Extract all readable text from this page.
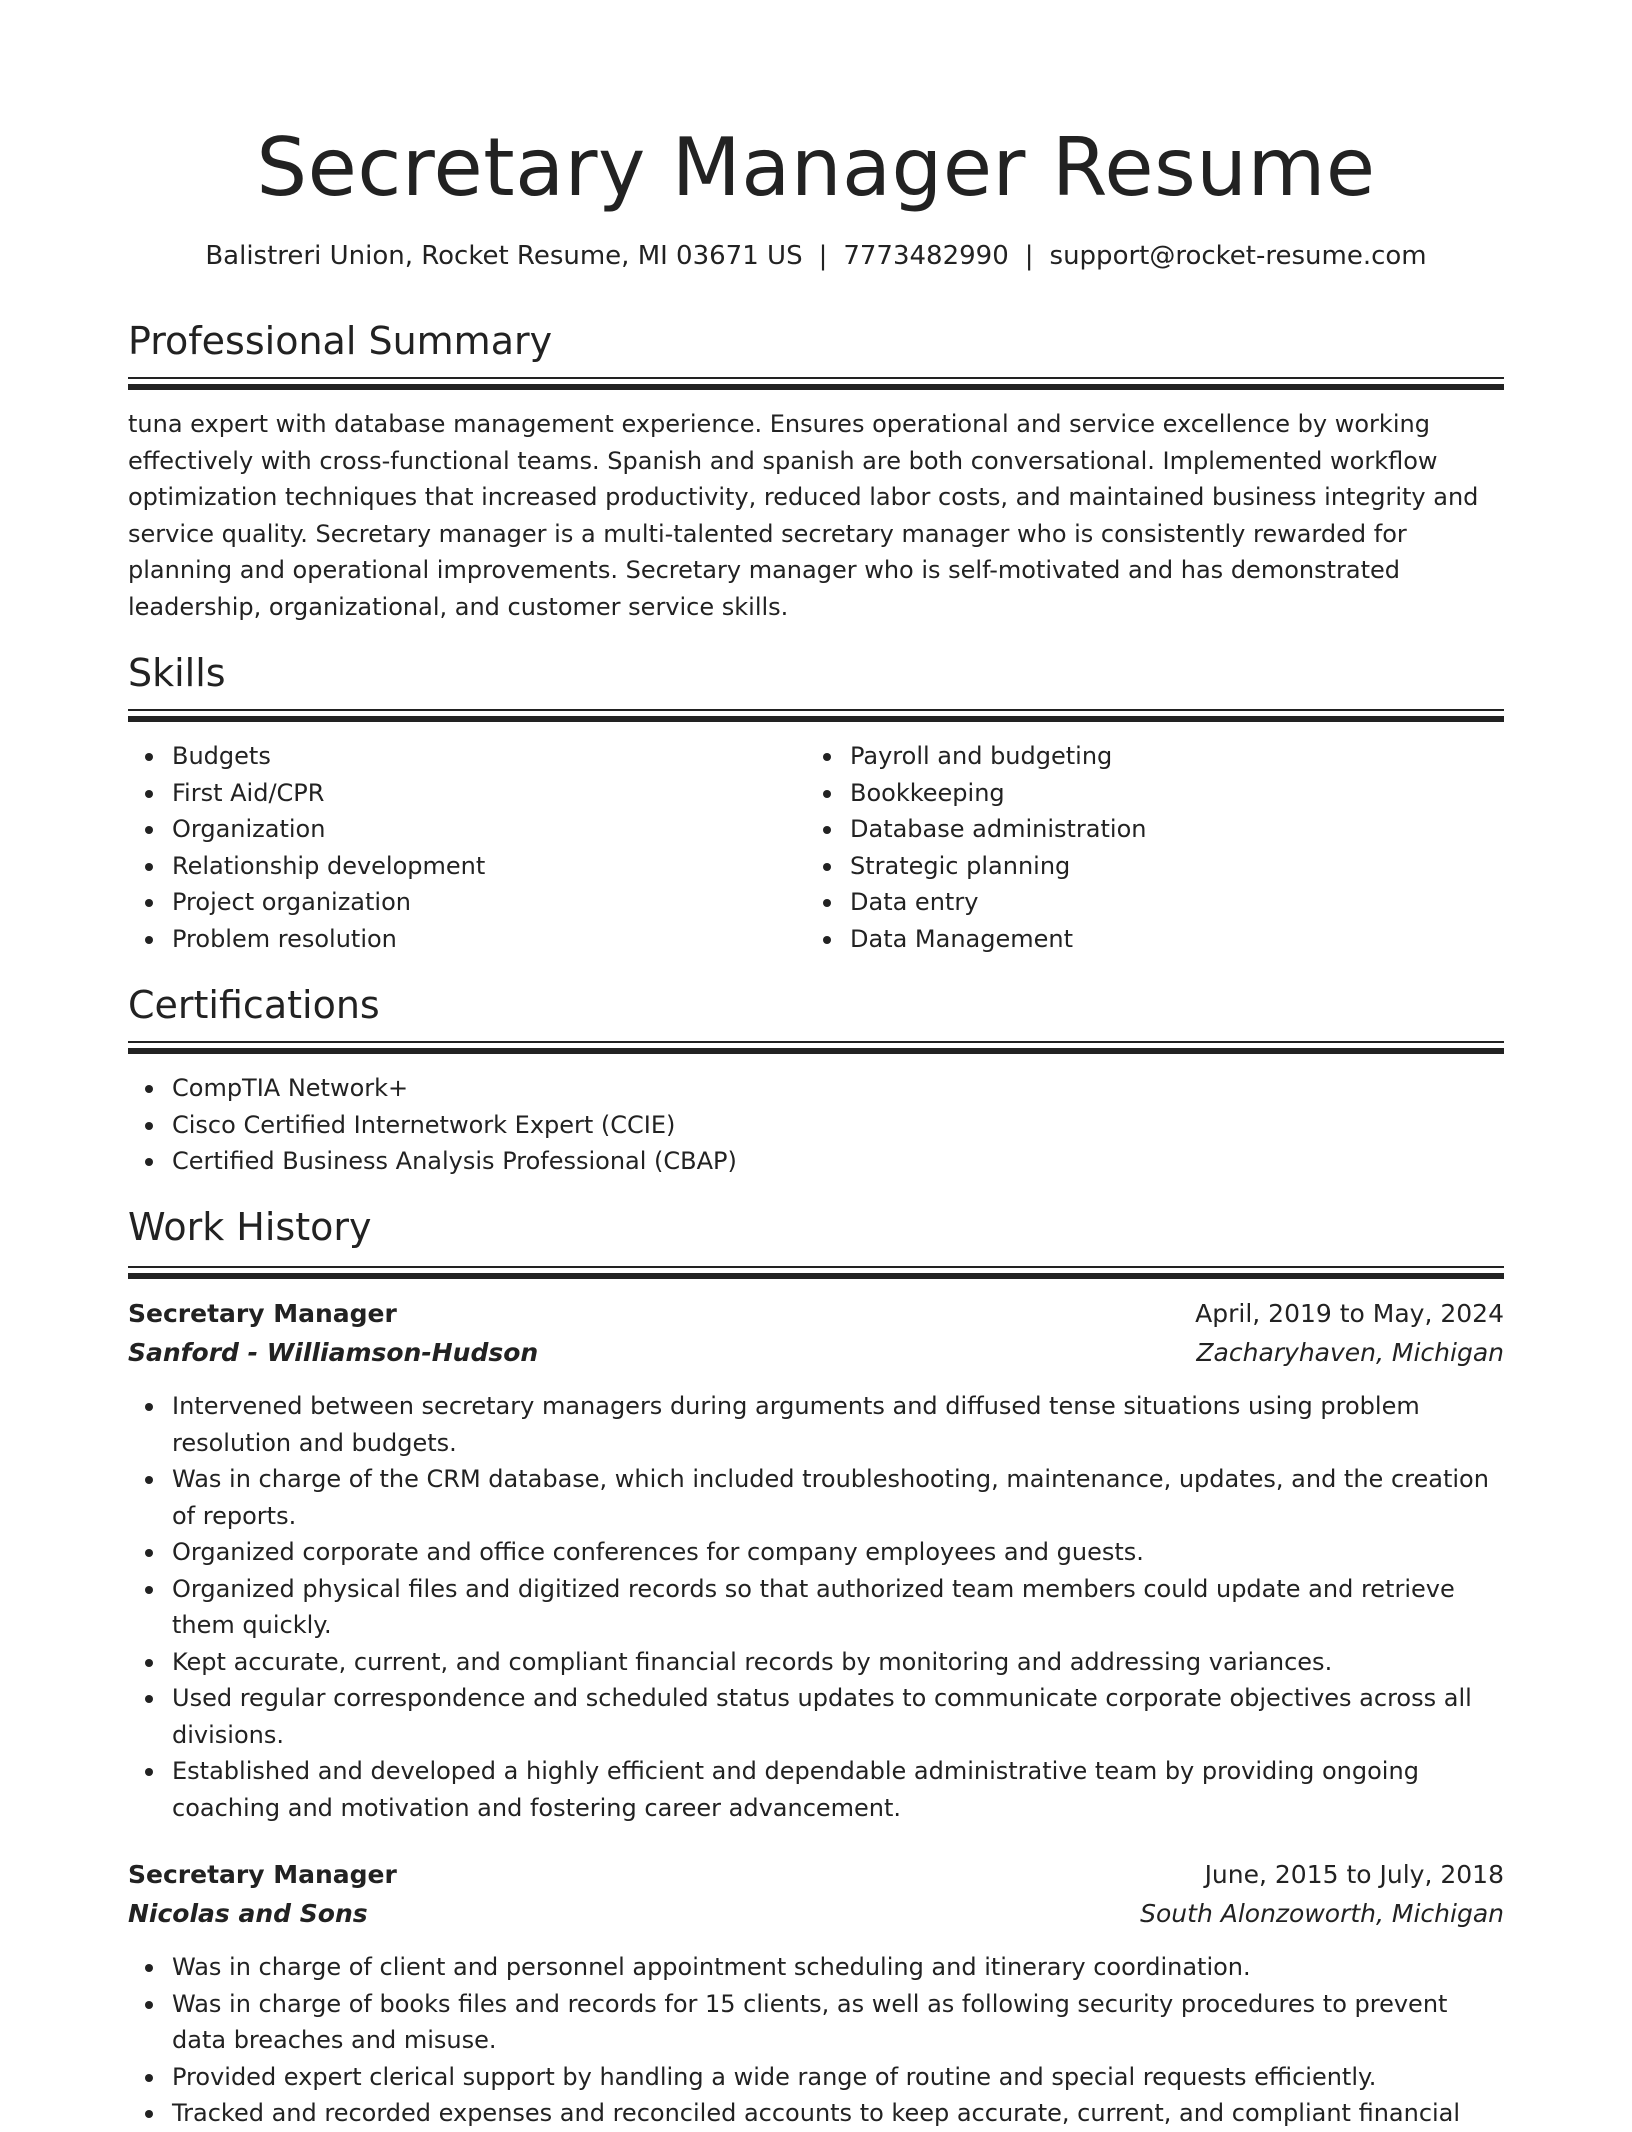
Secretary Manager Resume
Balistreri Union, Rocket Resume, MI 03671 US | 7773482990 | support@rocket-resume.com
Professional Summary

tuna expert with database management experience. Ensures operational and service excellence by working effectively with cross-functional teams. Spanish and spanish are both conversational. Implemented workflow optimization techniques that increased productivity, reduced labor costs, and maintained business integrity and service quality. Secretary manager is a multi-talented secretary manager who is consistently rewarded for planning and operational improvements. Secretary manager who is self-motivated and has demonstrated leadership, organizational, and customer service skills.

Skills
Budgets
First Aid/CPR
Organization
Relationship development
Project organization
Problem resolution
Payroll and budgeting
Bookkeeping
Database administration
Strategic planning
Data entry
Data Management
Certifications
CompTIA Network+
Cisco Certified Internetwork Expert (CCIE)
Certified Business Analysis Professional (CBAP)
Work History
Secretary Manager	April, 2019 to May, 2024
Sanford - Williamson-Hudson	Zacharyhaven, Michigan
Intervened between secretary managers during arguments and diffused tense situations using problem resolution and budgets.
Was in charge of the CRM database, which included troubleshooting, maintenance, updates, and the creation of reports.
Organized corporate and office conferences for company employees and guests.
Organized physical files and digitized records so that authorized team members could update and retrieve them quickly.
Kept accurate, current, and compliant financial records by monitoring and addressing variances.
Used regular correspondence and scheduled status updates to communicate corporate objectives across all divisions.
Established and developed a highly efficient and dependable administrative team by providing ongoing coaching and motivation and fostering career advancement.
Secretary Manager	June, 2015 to July, 2018
Nicolas and Sons	South Alonzoworth, Michigan
Was in charge of client and personnel appointment scheduling and itinerary coordination.
Was in charge of books files and records for 15 clients, as well as following security procedures to prevent data breaches and misuse.
Provided expert clerical support by handling a wide range of routine and special requests efficiently.
Tracked and recorded expenses and reconciled accounts to keep accurate, current, and compliant financial
